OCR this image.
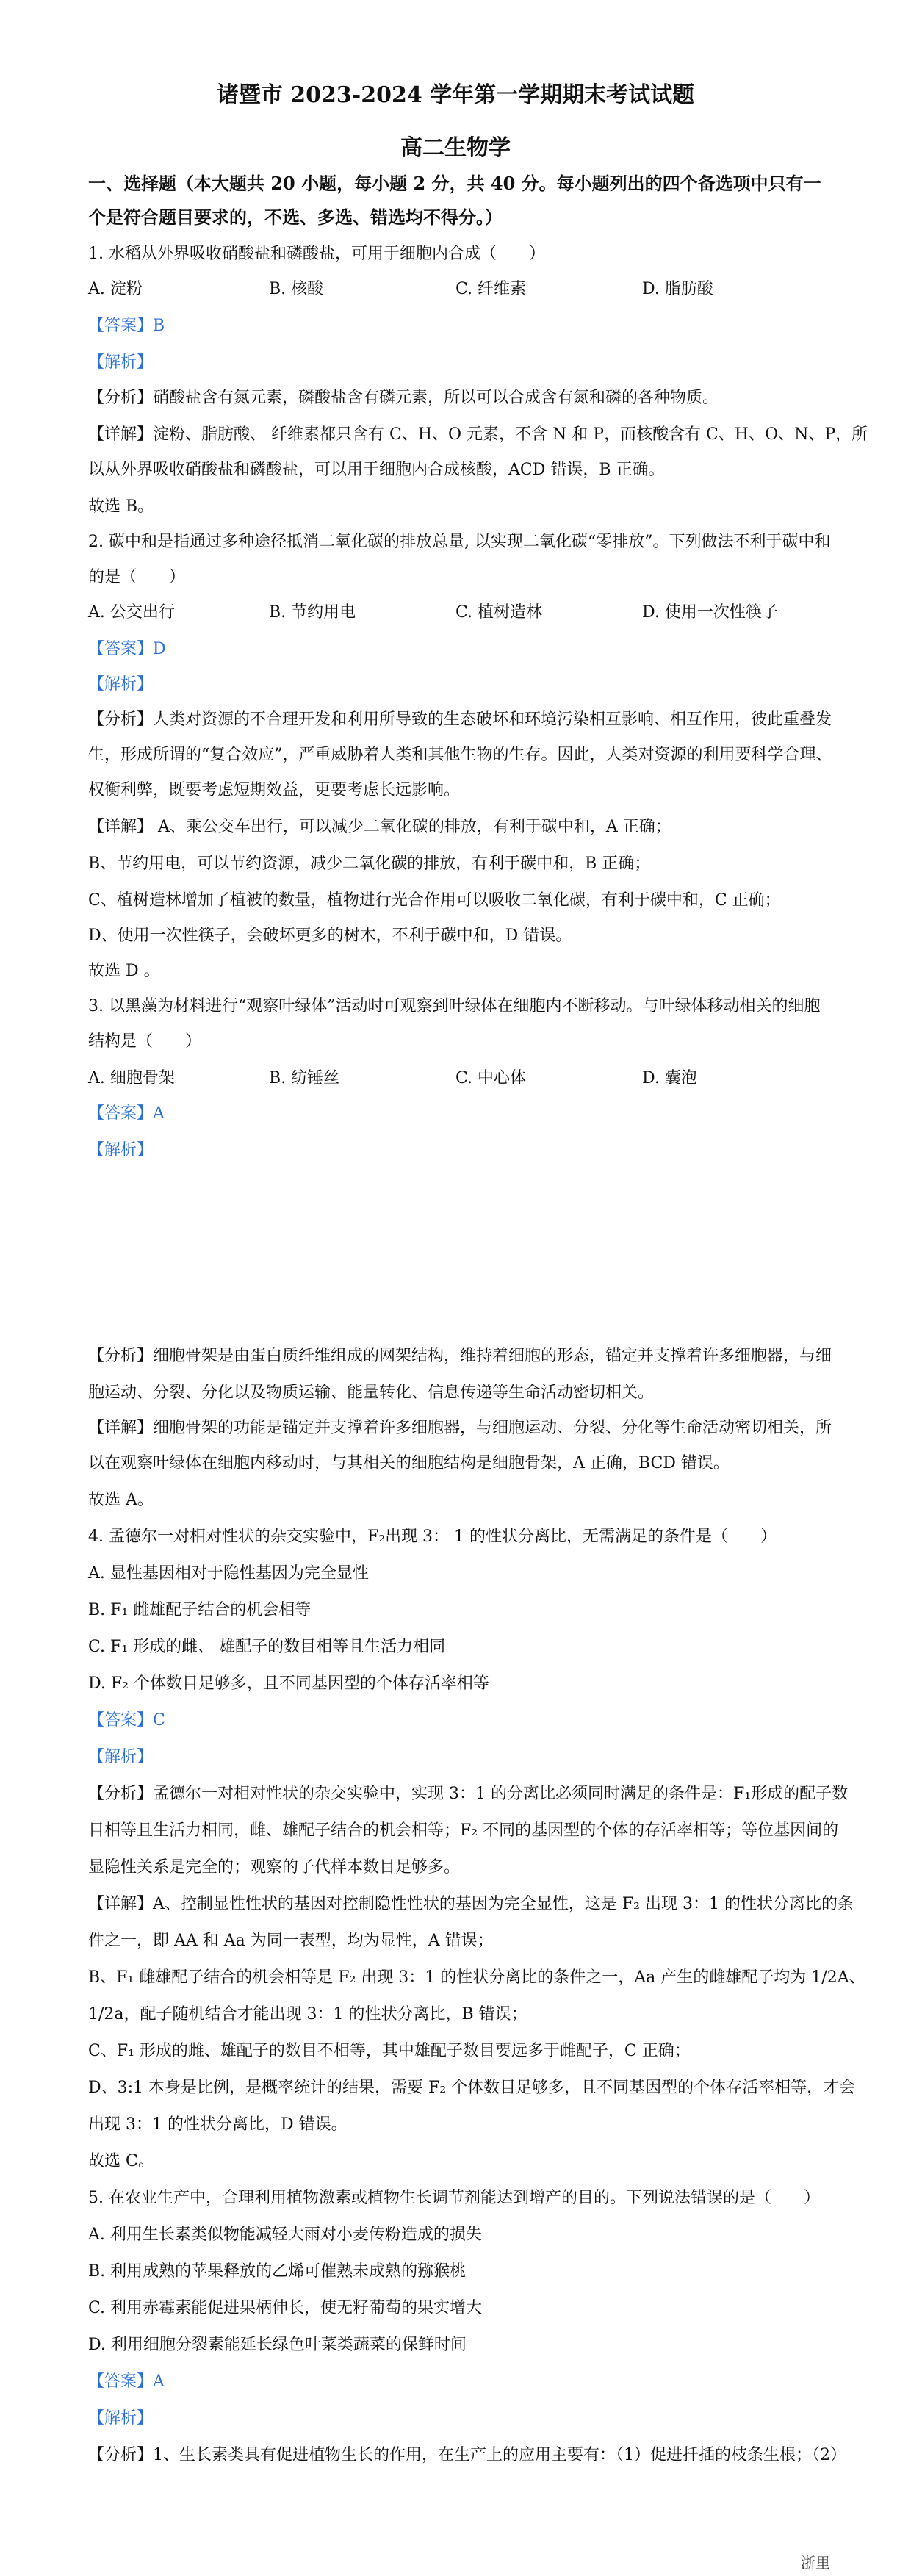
诸暨市 2023-2024 学年第一学期期末考试试题
高二生物学
一、选择题（本大题共 20 小题，每小题 2 分，共 40 分。每小题列出的四个备选项中只有一
个是符合题目要求的，不选、多选、错选均不得分。）
1. 水稻从外界吸收硝酸盐和磷酸盐，可用于细胞内合成（　　）
A. 淀粉	B. 核酸	C. 纤维素	D. 脂肪酸
【答案】B
【解析】
【分析】硝酸盐含有氮元素，磷酸盐含有磷元素，所以可以合成含有氮和磷的各种物质。
【详解】淀粉、脂肪酸、 纤维素都只含有 C、H、O 元素，不含 N 和 P，而核酸含有 C、H、O、N、P，所
以从外界吸收硝酸盐和磷酸盐，可以用于细胞内合成核酸，ACD 错误，B 正确。
故选 B。
2. 碳中和是指通过多种途径抵消二氧化碳的排放总量, 以实现二氧化碳“零排放”。下列做法不利于碳中和
的是（　　）
A. 公交出行	B. 节约用电	C. 植树造林	D. 使用一次性筷子
【答案】D
【解析】
【分析】人类对资源的不合理开发和利用所导致的生态破坏和环境污染相互影响、相互作用，彼此重叠发
生，形成所谓的“复合效应”，严重威胁着人类和其他生物的生存。因此，人类对资源的利用要科学合理、
权衡利弊，既要考虑短期效益，更要考虑长远影响。
【详解】 A、乘公交车出行，可以减少二氧化碳的排放，有利于碳中和，A 正确；
B、节约用电，可以节约资源，减少二氧化碳的排放，有利于碳中和，B 正确；
C、植树造林增加了植被的数量，植物进行光合作用可以吸收二氧化碳，有利于碳中和，C 正确；
D、使用一次性筷子，会破坏更多的树木，不利于碳中和，D 错误。
故选 D 。
3. 以黑藻为材料进行“观察叶绿体”活动时可观察到叶绿体在细胞内不断移动。与叶绿体移动相关的细胞
结构是（　　）
A. 细胞骨架	B. 纺锤丝	C. 中心体	D. 囊泡
【答案】A
【解析】
【分析】细胞骨架是由蛋白质纤维组成的网架结构，维持着细胞的形态，锚定并支撑着许多细胞器，与细
胞运动、分裂、分化以及物质运输、能量转化、信息传递等生命活动密切相关。
【详解】细胞骨架的功能是锚定并支撑着许多细胞器，与细胞运动、分裂、分化等生命活动密切相关，所
以在观察叶绿体在细胞内移动时，与其相关的细胞结构是细胞骨架，A 正确，BCD 错误。
故选 A。
4. 孟德尔一对相对性状的杂交实验中，F₂出现 3： 1 的性状分离比，无需满足的条件是（　　）
A. 显性基因相对于隐性基因为完全显性
B. F₁ 雌雄配子结合的机会相等
C. F₁ 形成的雌、 雄配子的数目相等且生活力相同
D. F₂ 个体数目足够多，且不同基因型的个体存活率相等
【答案】C
【解析】
【分析】孟德尔一对相对性状的杂交实验中，实现 3：1 的分离比必须同时满足的条件是：F₁形成的配子数
目相等且生活力相同，雌、雄配子结合的机会相等；F₂ 不同的基因型的个体的存活率相等；等位基因间的
显隐性关系是完全的；观察的子代样本数目足够多。
【详解】A、控制显性性状的基因对控制隐性性状的基因为完全显性，这是 F₂ 出现 3：1 的性状分离比的条
件之一，即 AA 和 Aa 为同一表型，均为显性，A 错误；
B、F₁ 雌雄配子结合的机会相等是 F₂ 出现 3：1 的性状分离比的条件之一，Aa 产生的雌雄配子均为 1/2A、
1/2a，配子随机结合才能出现 3：1 的性状分离比，B 错误；
C、F₁ 形成的雌、雄配子的数目不相等，其中雄配子数目要远多于雌配子，C 正确；
D、3:1 本身是比例，是概率统计的结果，需要 F₂ 个体数目足够多，且不同基因型的个体存活率相等，才会
出现 3：1 的性状分离比，D 错误。
故选 C。
5. 在农业生产中，合理利用植物激素或植物生长调节剂能达到增产的目的。下列说法错误的是（　　）
A. 利用生长素类似物能减轻大雨对小麦传粉造成的损失
B. 利用成熟的苹果释放的乙烯可催熟未成熟的猕猴桃
C. 利用赤霉素能促进果柄伸长，使无籽葡萄的果实增大
D. 利用细胞分裂素能延长绿色叶菜类蔬菜的保鲜时间
【答案】A
【解析】
【分析】1、生长素类具有促进植物生长的作用，在生产上的应用主要有：（1）促进扦插的枝条生根；（2）
浙里
